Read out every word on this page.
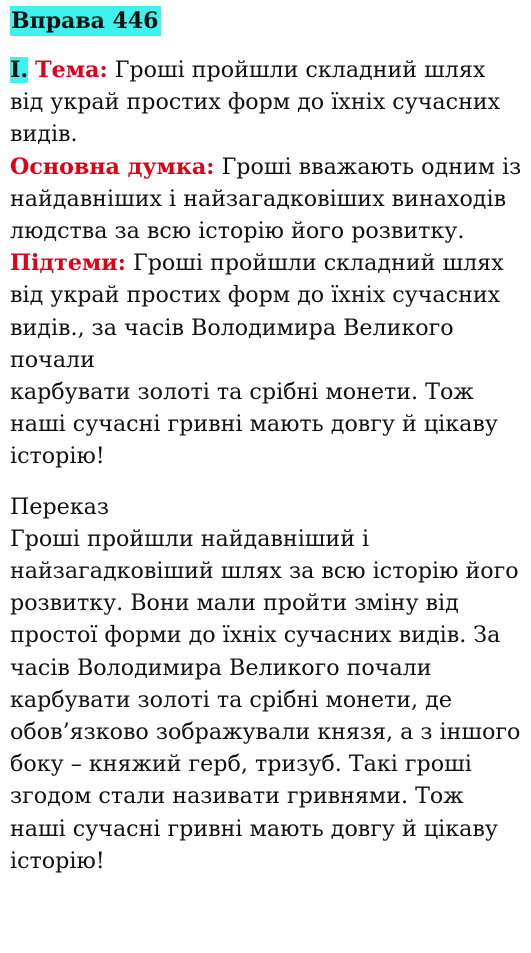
Вправа 446

I. Тема: Гроші пройшли складний шлях від украй простих форм до їхніх сучасних видів.

Основна думка: Гроші вважають одним із найдавніших і найзагадковіших винаходів людства за всю історію його розвитку.

Підтеми: Гроші пройшли складний шлях від украй простих форм до їхніх сучасних видів., за часів Володимира Великого почали

карбувати золоті та срібні монети. Тож наші сучасні гривні мають довгу й цікаву історію!

Переказ

Гроші пройшли найдавніший і найзагадковіший шлях за всю історію його розвитку. Вони мали пройти зміну від простої форми до їхніх сучасних видів. За часів Володимира Великого почали карбувати золоті та срібні монети, де обов’язково зображували князя, а з іншого боку – княжий герб, тризуб. Такі гроші згодом стали називати гривнями. Тож наші сучасні гривні мають довгу й цікаву історію!
